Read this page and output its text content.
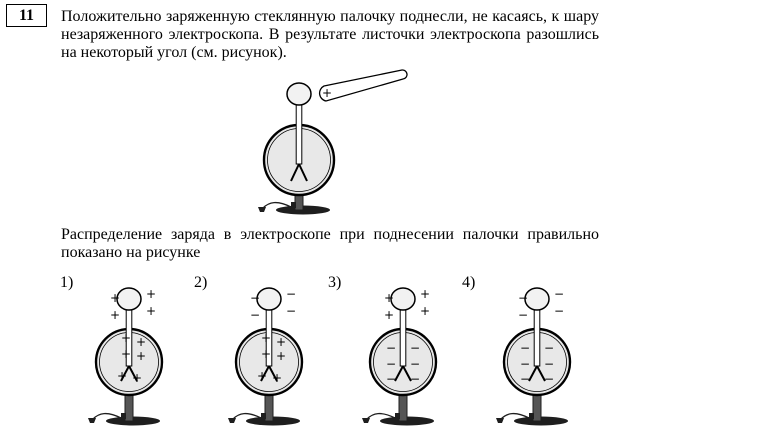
11	Положительно заряженную стеклянную палочку поднесли, не касаясь, к шару незаряженного электроскопа. В результате листочки электроскопа разошлись на некоторый угол (см. рисунок).
Распределение заряда в электроскопе при поднесении палочки правильно показано на рисунке
1)	2)	3)	4)
+
+ +
+ +
+
+
+
+
+ +
− −
− −
+
+
+
+
+ +
+ +
+ +
− −
− −
− −
− −
− −
− −
− −
− −
